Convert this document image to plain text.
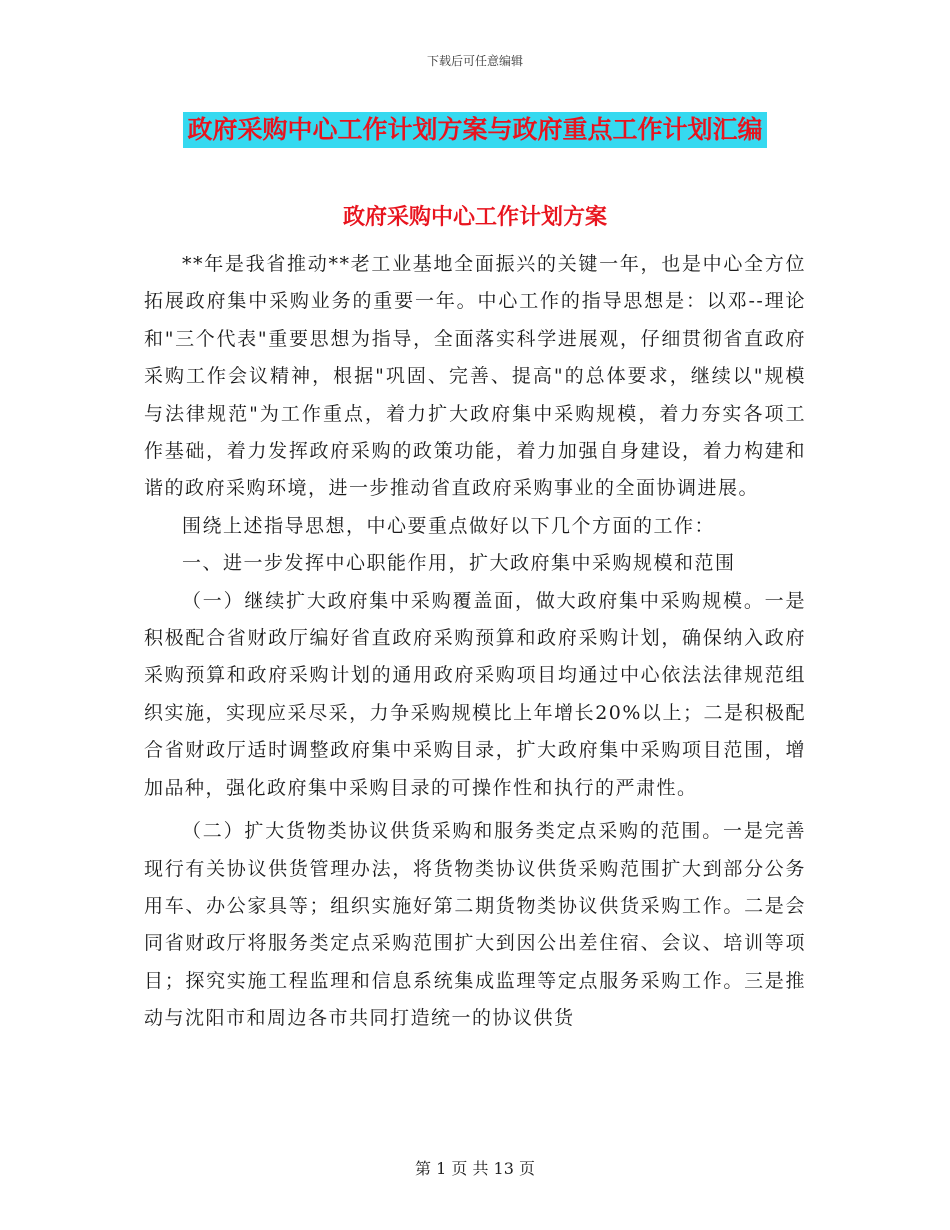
下载后可任意编辑
政府采购中心工作计划方案与政府重点工作计划汇编
政府采购中心工作计划方案

**年是我省推动**老工业基地全面振兴的关键一年，也是中心全方位拓展政府集中采购业务的重要一年。中心工作的指导思想是：以邓--理论和"三个代表"重要思想为指导，全面落实科学进展观，仔细贯彻省直政府采购工作会议精神，根据"巩固、完善、提高"的总体要求，继续以"规模与法律规范"为工作重点，着力扩大政府集中采购规模，着力夯实各项工作基础，着力发挥政府采购的政策功能，着力加强自身建设，着力构建和谐的政府采购环境，进一步推动省直政府采购事业的全面协调进展。

围绕上述指导思想，中心要重点做好以下几个方面的工作：

一、进一步发挥中心职能作用，扩大政府集中采购规模和范围

（一）继续扩大政府集中采购覆盖面，做大政府集中采购规模。一是积极配合省财政厅编好省直政府采购预算和政府采购计划，确保纳入政府采购预算和政府采购计划的通用政府采购项目均通过中心依法法律规范组织实施，实现应采尽采，力争采购规模比上年增长20%以上；二是积极配合省财政厅适时调整政府集中采购目录，扩大政府集中采购项目范围，增加品种，强化政府集中采购目录的可操作性和执行的严肃性。

（二）扩大货物类协议供货采购和服务类定点采购的范围。一是完善现行有关协议供货管理办法，将货物类协议供货采购范围扩大到部分公务用车、办公家具等；组织实施好第二期货物类协议供货采购工作。二是会同省财政厅将服务类定点采购范围扩大到因公出差住宿、会议、培训等项目；探究实施工程监理和信息系统集成监理等定点服务采购工作。三是推动与沈阳市和周边各市共同打造统一的协议供货

第 1 页 共 13 页
